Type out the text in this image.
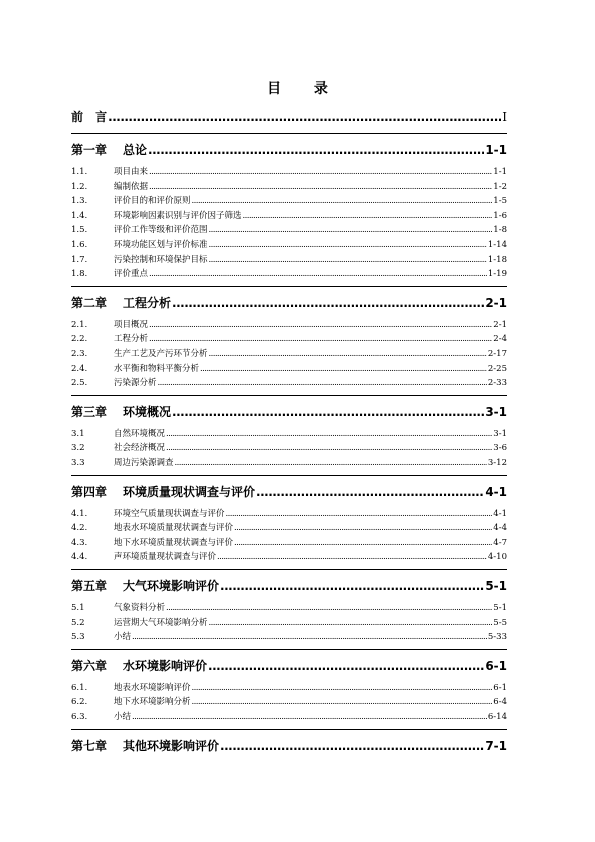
目 录
前 言 .....	I
第一章	总论 .....	1-1
1.1.	项目由来 .....	1-1
1.2.	编制依据 .....	1-2
1.3.	评价目的和评价原则 .....	1-5
1.4.	环境影响因素识别与评价因子筛选 .....	1-6
1.5.	评价工作等级和评价范围 .....	1-8
1.6.	环境功能区划与评价标准 .....	1-14
1.7.	污染控制和环境保护目标 .....	1-18
1.8.	评价重点 .....	1-19
第二章	工程分析 .....	2-1
2.1.	项目概况 .....	2-1
2.2.	工程分析 .....	2-4
2.3.	生产工艺及产污环节分析 .....	2-17
2.4.	水平衡和物料平衡分析 .....	2-25
2.5.	污染源分析 .....	2-33
第三章	环境概况 .....	3-1
3.1	自然环境概况 .....	3-1
3.2	社会经济概况 .....	3-6
3.3	周边污染源调查 .....	3-12
第四章	环境质量现状调查与评价 .....	4-1
4.1.	环境空气质量现状调查与评价 .....	4-1
4.2.	地表水环境质量现状调查与评价 .....	4-4
4.3.	地下水环境质量现状调查与评价 .....	4-7
4.4.	声环境质量现状调查与评价 .....	4-10
第五章	大气环境影响评价 .....	5-1
5.1	气象资料分析 .....	5-1
5.2	运营期大气环境影响分析 .....	5-5
5.3	小结 .....	5-33
第六章	水环境影响评价 .....	6-1
6.1.	地表水环境影响评价 .....	6-1
6.2.	地下水环境影响分析 .....	6-4
6.3.	小结 .....	6-14
第七章	其他环境影响评价 .....	7-1
